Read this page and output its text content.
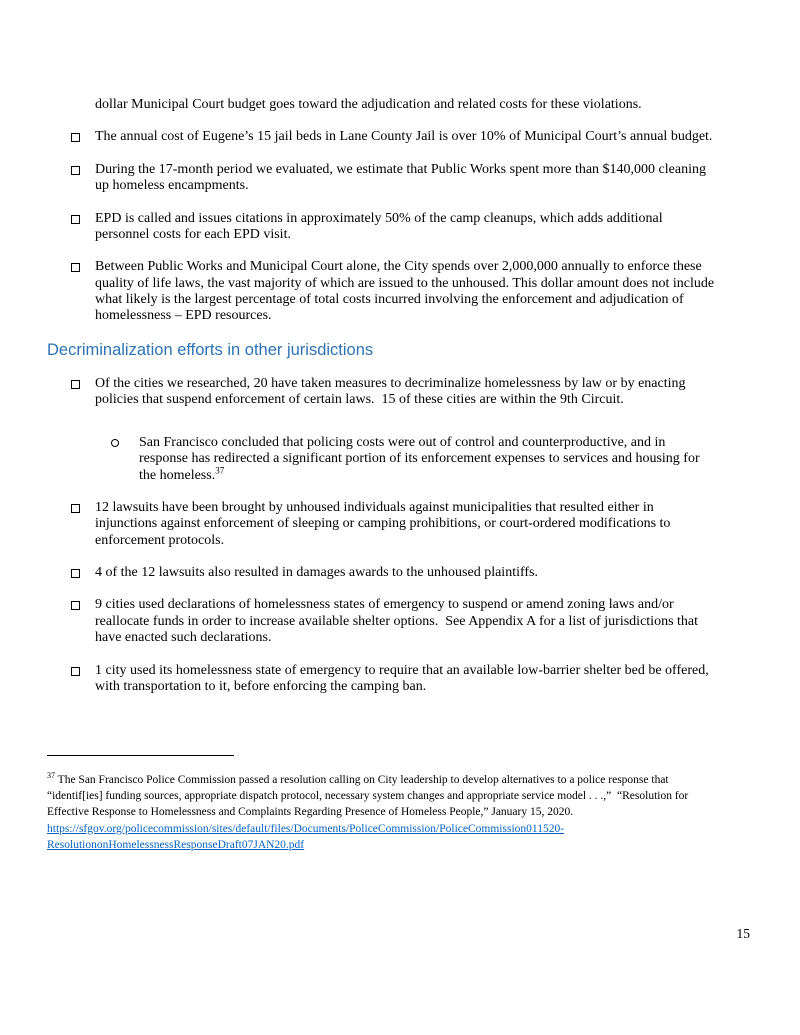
dollar Municipal Court budget goes toward the adjudication and related costs for these violations.

The annual cost of Eugene’s 15 jail beds in Lane County Jail is over 10% of Municipal Court’s annual budget.
During the 17-month period we evaluated, we estimate that Public Works spent more than $140,000 cleaning up homeless encampments.
EPD is called and issues citations in approximately 50% of the camp cleanups, which adds additional personnel costs for each EPD visit.
Between Public Works and Municipal Court alone, the City spends over 2,000,000 annually to enforce these quality of life laws, the vast majority of which are issued to the unhoused. This dollar amount does not include what likely is the largest percentage of total costs incurred involving the enforcement and adjudication of homelessness – EPD resources.
Decriminalization efforts in other jurisdictions
Of the cities we researched, 20 have taken measures to decriminalize homelessness by law or by enacting policies that suspend enforcement of certain laws.  15 of these cities are within the 9th Circuit.
San Francisco concluded that policing costs were out of control and counterproductive, and in response has redirected a significant portion of its enforcement expenses to services and housing for the homeless.$^{37}$
12 lawsuits have been brought by unhoused individuals against municipalities that resulted either in injunctions against enforcement of sleeping or camping prohibitions, or court-ordered modifications to enforcement protocols.
4 of the 12 lawsuits also resulted in damages awards to the unhoused plaintiffs.
9 cities used declarations of homelessness states of emergency to suspend or amend zoning laws and/or reallocate funds in order to increase available shelter options.  See Appendix A for a list of jurisdictions that have enacted such declarations.
1 city used its homelessness state of emergency to require that an available low-barrier shelter bed be offered, with transportation to it, before enforcing the camping ban.

$^{37}$ The San Francisco Police Commission passed a resolution calling on City leadership to develop alternatives to a police response that “identif[ies] funding sources, appropriate dispatch protocol, necessary system changes and appropriate service model . . .,”  “Resolution for Effective Response to Homelessness and Complaints Regarding Presence of Homeless People,” January 15, 2020.

https://sfgov.org/policecommission/sites/default/files/Documents/PoliceCommission/PoliceCommission011520-
ResolutiononHomelessnessResponseDraft07JAN20.pdf
15
